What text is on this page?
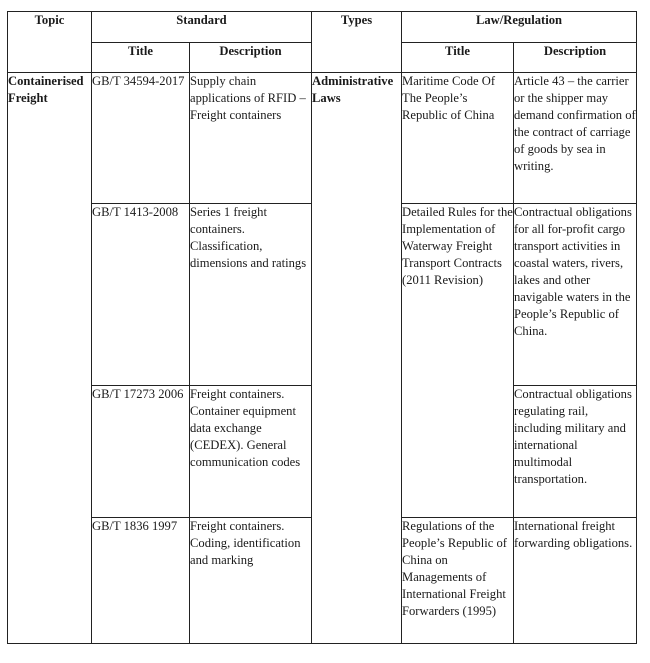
Topic	Standard		Types	Law/Regulation	
	Title	Description		Title	Description
Containerised Freight	GB/T 34594-2017	Supply chain applications of RFID – Freight containers	Administrative Laws	Maritime Code Of The People’s Republic of China	Article 43 – the carrier or the shipper may demand confirmation of the contract of carriage of goods by sea in writing.
	GB/T 1413-2008	Series 1 freight containers. Classification, dimensions and ratings		Detailed Rules for the Implementation of Waterway Freight Transport Contracts (2011 Revision)	Contractual obligations for all for-profit cargo transport activities in coastal waters, rivers, lakes and other navigable waters in the People’s Republic of China.
	GB/T 17273 2006	Freight containers. Container equipment data exchange (CEDEX). General communication codes			Contractual obligations regulating rail, including military and international multimodal transportation.
	GB/T 1836 1997	Freight containers. Coding, identification and marking		Regulations of the People’s Republic of China on Managements of International Freight Forwarders (1995)	International freight forwarding obligations.
